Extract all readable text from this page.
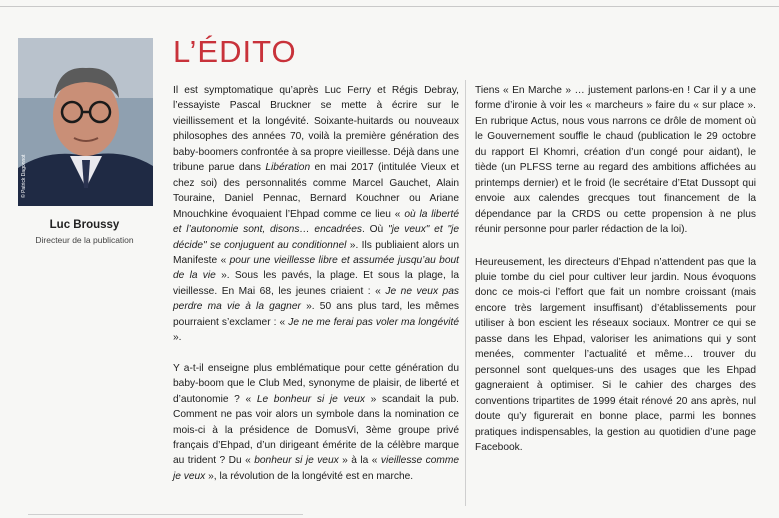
© Patrick Dagonnot
Luc Broussy
Directeur de la publication
L’ÉDITO

Il est symptomatique qu’après Luc Ferry et Régis Debray, l’essayiste Pascal Bruckner se mette à écrire sur le vieillissement et la longévité. Soixante-huitards ou nouveaux philosophes des années 70, voilà la première génération des baby-boomers confrontée à sa propre vieillesse. Déjà dans une tribune parue dans Libération en mai 2017 (intitulée Vieux et chez soi) des personnalités comme Marcel Gauchet, Alain Touraine, Daniel Pennac, Bernard Kouchner ou Ariane Mnouchkine évoquaient l’Ehpad comme ce lieu « où la liberté et l’autonomie sont, disons… encadrées. Où "je veux" et "je décide" se conjuguent au conditionnel ». Ils publiaient alors un Manifeste « pour une vieillesse libre et assumée jusqu’au bout de la vie ». Sous les pavés, la plage. Et sous la plage, la vieillesse. En Mai 68, les jeunes criaient : « Je ne veux pas perdre ma vie à la gagner ». 50 ans plus tard, les mêmes pourraient s’exclamer : « Je ne me ferai pas voler ma longévité ».

Y a-t-il enseigne plus emblématique pour cette génération du baby-boom que le Club Med, synonyme de plaisir, de liberté et d’autonomie ? « Le bonheur si je veux » scandait la pub. Comment ne pas voir alors un symbole dans la nomination ce mois-ci à la présidence de DomusVi, 3ème groupe privé français d’Ehpad, d’un dirigeant émérite de la célèbre marque au trident ? Du « bonheur si je veux » à la « vieillesse comme je veux », la révolution de la longévité est en marche.

Tiens « En Marche » … justement parlons-en ! Car il y a une forme d’ironie à voir les « marcheurs » faire du « sur place ». En rubrique Actus, nous vous narrons ce drôle de moment où le Gouvernement souffle le chaud (publication le 29 octobre du rapport El Khomri, création d’un congé pour aidant), le tiède (un PLFSS terne au regard des ambitions affichées au printemps dernier) et le froid (le secrétaire d’Etat Dussopt qui envoie aux calendes grecques tout financement de la dépendance par la CRDS ou cette propension à ne plus réunir personne pour parler rédaction de la loi).

Heureusement, les directeurs d’Ehpad n’attendent pas que la pluie tombe du ciel pour cultiver leur jardin. Nous évoquons donc ce mois-ci l’effort que fait un nombre croissant (mais encore très largement insuffisant) d’établissements pour utiliser à bon escient les réseaux sociaux. Montrer ce qui se passe dans les Ehpad, valoriser les animations qui y sont menées, commenter l’actualité et même… trouver du personnel sont quelques-uns des usages que les Ehpad gagneraient à optimiser. Si le cahier des charges des conventions tripartites de 1999 était rénové 20 ans après, nul doute qu’y figurerait en bonne place, parmi les bonnes pratiques indispensables, la gestion au quotidien d’une page Facebook.
